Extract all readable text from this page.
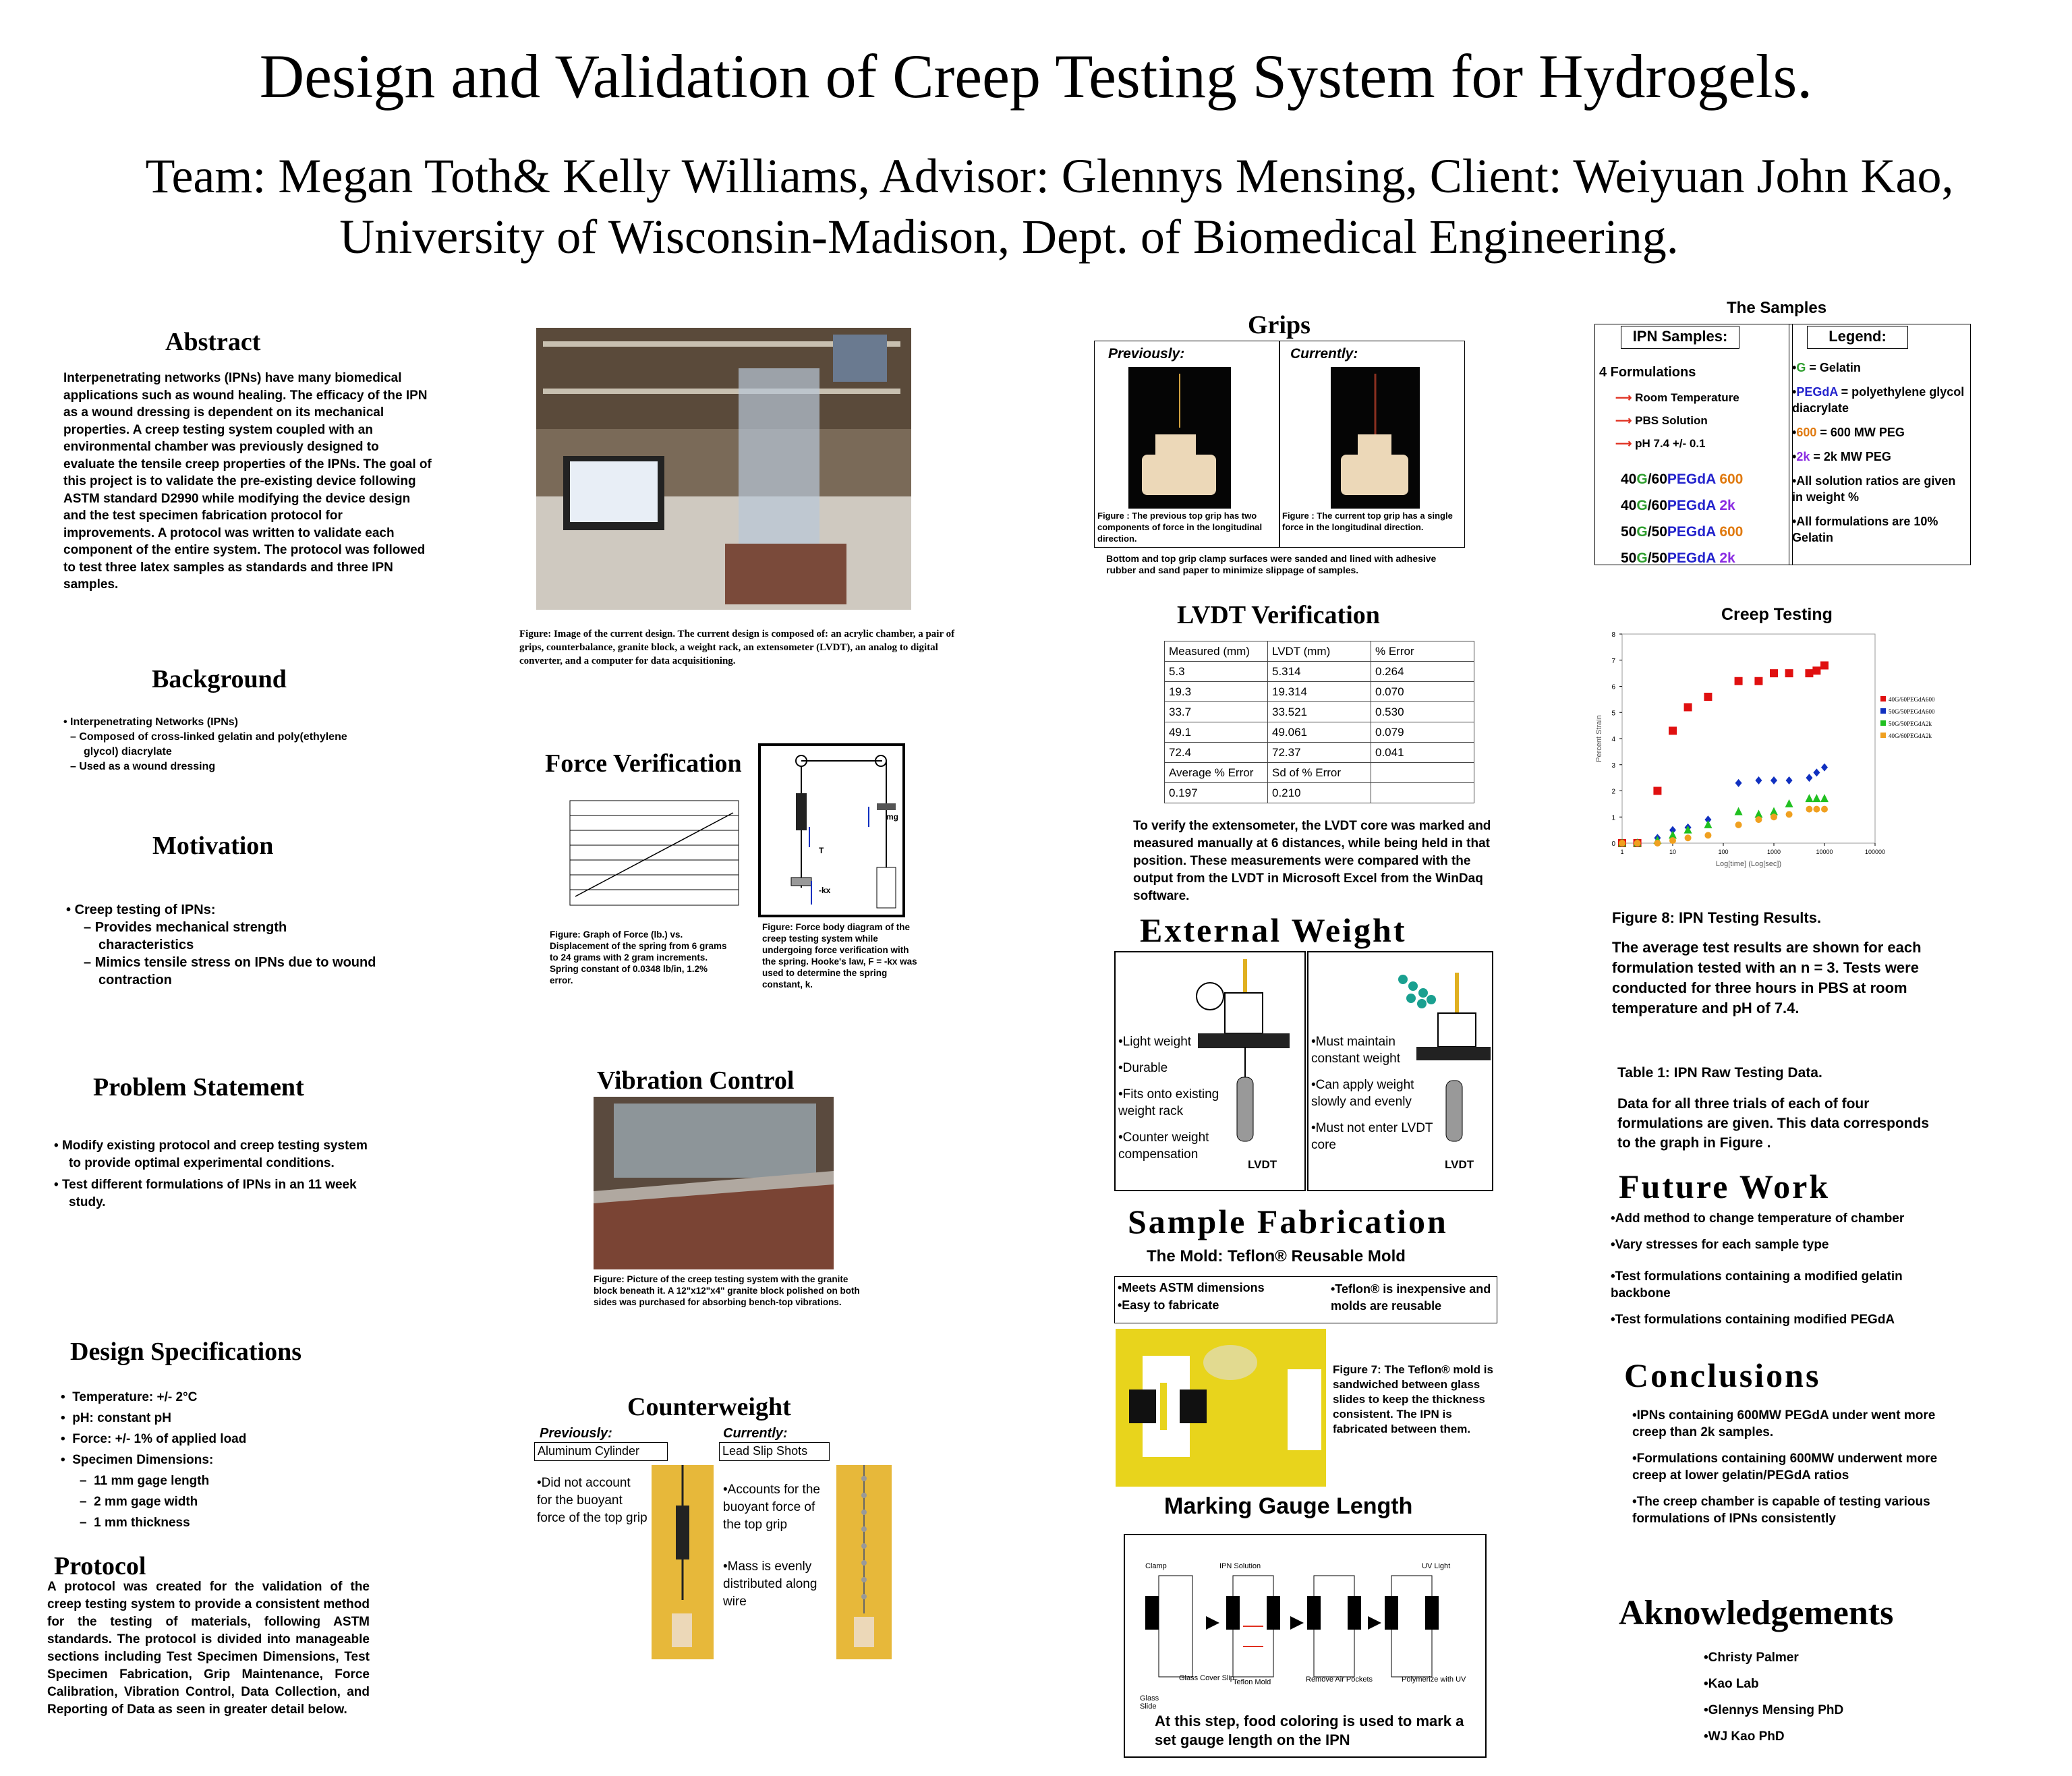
Design and Validation of Creep Testing System for Hydrogels.
Team: Megan Toth& Kelly Williams, Advisor: Glennys Mensing, Client: Weiyuan John Kao,
University of Wisconsin-Madison, Dept. of Biomedical Engineering.
Abstract
Interpenetrating networks (IPNs) have many biomedical applications such as wound healing. The efficacy of the IPN as a wound dressing is dependent on its mechanical properties. A creep testing system coupled with an environmental chamber was previously designed to evaluate the tensile creep properties of the IPNs. The goal of this project is to validate the pre-existing device following ASTM standard D2990 while modifying the device design and the test specimen fabrication protocol for improvements. A protocol was written to validate each component of the entire system. The protocol was followed to test three latex samples as standards and three IPN samples.
Background
• Interpenetrating Networks (IPNs)
– Composed of cross-linked gelatin and poly(ethylene glycol) diacrylate
– Used as a wound dressing
Motivation
• Creep testing of IPNs:
– Provides mechanical strength characteristics
– Mimics tensile stress on IPNs due to wound contraction
Problem Statement
• Modify existing protocol and creep testing system to provide optimal experimental conditions.
• Test different formulations of IPNs in an 11 week study.
Design Specifications
•  Temperature: +/- 2°C
•  pH: constant pH
•  Force: +/- 1% of applied load
•  Specimen Dimensions:
–  11 mm gage length
–  2 mm gage width
–  1 mm thickness
Protocol
A protocol was created for the validation of the creep testing system to provide a consistent method for the testing of materials, following ASTM standards. The protocol is divided into manageable sections including Test Specimen Dimensions, Test Specimen Fabrication, Grip Maintenance, Force Calibration, Vibration Control, Data Collection, and Reporting of Data as seen in greater detail below.
Figure: Image of the current design. The current design is composed of: an acrylic chamber, a pair of grips, counterbalance, granite block, a weight rack, an extensometer (LVDT), an analog to digital converter, and a computer for data acquisitioning.
Force Verification
Figure: Graph of Force (lb.) vs. Displacement of the spring from 6 grams to 24 grams with 2 gram increments. Spring constant of 0.0348 lb/in, 1.2% error.
mg
T
-kx
Figure: Force body diagram of the creep testing system while undergoing force verification with the spring. Hooke's law, F = -kx was used to determine the spring constant, k.
Vibration Control
Figure: Picture of the creep testing system with the granite block beneath it. A 12"x12"x4" granite block polished on both sides was purchased for absorbing bench-top vibrations.
Counterweight
Previously:	Currently:
Aluminum Cylinder	Lead Slip Shots
•Did not account for the buoyant force of the top grip
•Accounts for the buoyant force of the top grip
•Mass is evenly distributed along wire
Grips
Previously:
Figure : The previous top grip has two components of force in the longitudinal direction.
Currently:
Figure : The current top grip has a single force in the longitudinal direction.
Bottom and top grip clamp surfaces were sanded and lined with adhesive rubber and sand paper to minimize slippage of samples.
LVDT Verification
Measured (mm)	LVDT (mm)	% Error
5.3	5.314	0.264
19.3	19.314	0.070
33.7	33.521	0.530
49.1	49.061	0.079
72.4	72.37	0.041
Average % Error	Sd of % Error	
0.197	0.210	
To verify the extensometer, the LVDT core was marked and measured manually at 6 distances, while being held in that position. These measurements were compared with the output from the LVDT in Microsoft Excel from the WinDaq software.
External Weight
•Light weight
•Durable
•Fits onto existing weight rack
•Counter weight compensation
LVDT
•Must maintain constant weight
•Can apply weight slowly and evenly
•Must not enter LVDT core
LVDT
Sample Fabrication
The Mold: Teflon® Reusable Mold
•Meets ASTM dimensions
•Easy to fabricate
•Teflon® is inexpensive and molds are reusable
Figure 7: The Teflon® mold is sandwiched between glass slides to keep the thickness consistent. The IPN is fabricated between them.
Marking Gauge Length
Clamp	IPN Solution	UV Light
Glass Cover Slip
Teflon Mold	Remove Air Pockets	Polymerize with UV
Glass Slide
At this step, food coloring is used to mark a set gauge length on the IPN
The Samples
IPN Samples:
4 Formulations
⟶ Room Temperature
⟶ PBS Solution
⟶ pH 7.4 +/- 0.1
40G/60PEGdA 600
40G/60PEGdA 2k
50G/50PEGdA 600
50G/50PEGdA 2k
Legend:
•G = Gelatin
•PEGdA = polyethylene glycol diacrylate
•600 = 600 MW PEG
•2k = 2k MW PEG
•All solution ratios are given in weight %
•All formulations are 10% Gelatin
Creep Testing
0
1
2
3
4
5
6
7
8
1	10	100	1000	10000	100000
Percent Strain
Log[time] (Log[sec])
40G/60PEGdA600
50G/50PEGdA600
50G/50PEGdA2k
40G/60PEGdA2k
Figure 8: IPN Testing Results.
The average test results are shown for each formulation tested with an n = 3. Tests were conducted for three hours in PBS at room temperature and pH of 7.4.
Table 1: IPN Raw Testing Data.
Data for all three trials of each of four formulations are given. This data corresponds to the graph in Figure .
Future Work
•Add method to change temperature of chamber
•Vary stresses for each sample type
•Test formulations containing a modified gelatin backbone
•Test formulations containing modified PEGdA
Conclusions
•IPNs containing 600MW PEGdA under went more creep than 2k samples.
•Formulations containing 600MW underwent more creep at lower gelatin/PEGdA ratios
•The creep chamber is capable of testing various formulations of IPNs consistently
Aknowledgements
•Christy Palmer
•Kao Lab
•Glennys Mensing PhD
•WJ Kao PhD
